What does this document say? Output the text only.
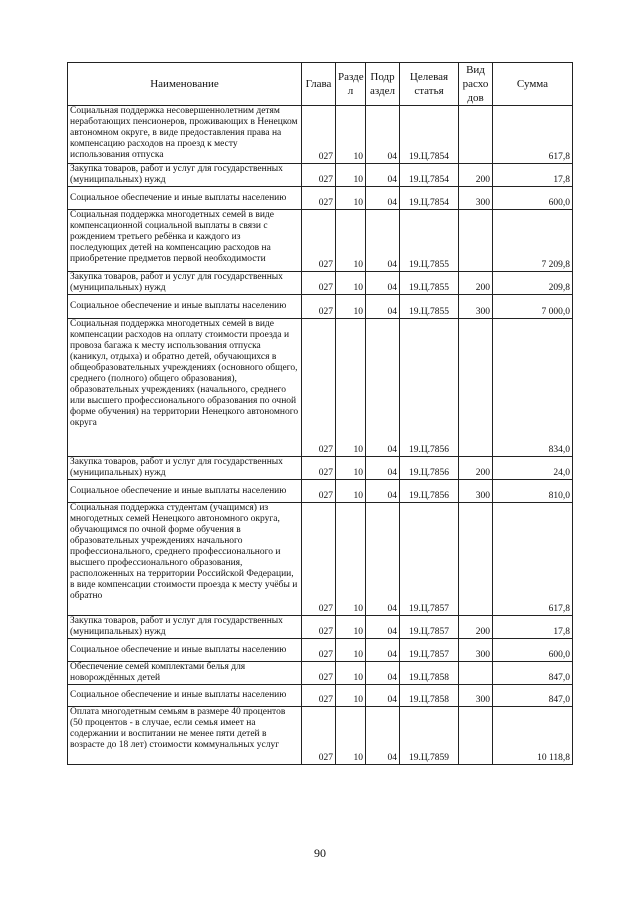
Наименование	Глава	Разде л	Подр аздел	Целевая статья	Вид расхо дов	Сумма
Социальная поддержка несовершеннолетним детям неработающих пенсионеров, проживающих в Ненецком автономном округе, в виде предоставления права на компенсацию расходов на проезд к месту использования отпуска	027	10	04	19.Ц.7854		617,8
Закупка товаров, работ и услуг для государственных (муниципальных) нужд	027	10	04	19.Ц.7854	200	17,8
Социальное обеспечение и иные выплаты населению	027	10	04	19.Ц.7854	300	600,0
Социальная поддержка многодетных семей в виде компенсационной социальной выплаты в связи с рождением третьего ребёнка и каждого из последующих детей на компенсацию расходов на приобретение предметов первой необходимости	027	10	04	19.Ц.7855		7 209,8
Закупка товаров, работ и услуг для государственных (муниципальных) нужд	027	10	04	19.Ц.7855	200	209,8
Социальное обеспечение и иные выплаты населению	027	10	04	19.Ц.7855	300	7 000,0
Социальная поддержка многодетных семей в виде компенсации расходов на оплату стоимости проезда и провоза багажа к месту использования отпуска (каникул, отдыха) и обратно детей, обучающихся в общеобразовательных учреждениях (основного общего, среднего (полного) общего образования), образовательных учреждениях (начального, среднего или высшего профессионального образования по очной форме обучения) на территории Ненецкого автономного округа	027	10	04	19.Ц.7856		834,0
Закупка товаров, работ и услуг для государственных (муниципальных) нужд	027	10	04	19.Ц.7856	200	24,0
Социальное обеспечение и иные выплаты населению	027	10	04	19.Ц.7856	300	810,0
Социальная поддержка студентам (учащимся) из многодетных семей Ненецкого автономного округа, обучающимся по очной форме обучения в образовательных учреждениях начального профессионального, среднего профессионального и высшего профессионального образования, расположенных на территории Российской Федерации, в виде компенсации стоимости проезда к месту учёбы и обратно	027	10	04	19.Ц.7857		617,8
Закупка товаров, работ и услуг для государственных (муниципальных) нужд	027	10	04	19.Ц.7857	200	17,8
Социальное обеспечение и иные выплаты населению	027	10	04	19.Ц.7857	300	600,0
Обеспечение семей комплектами белья для новорождённых детей	027	10	04	19.Ц.7858		847,0
Социальное обеспечение и иные выплаты населению	027	10	04	19.Ц.7858	300	847,0
Оплата многодетным семьям в размере 40 процентов (50 процентов - в случае, если семья имеет на содержании и воспитании не менее пяти детей в возрасте до 18 лет) стоимости коммунальных услуг	027	10	04	19.Ц.7859		10 118,8
90
